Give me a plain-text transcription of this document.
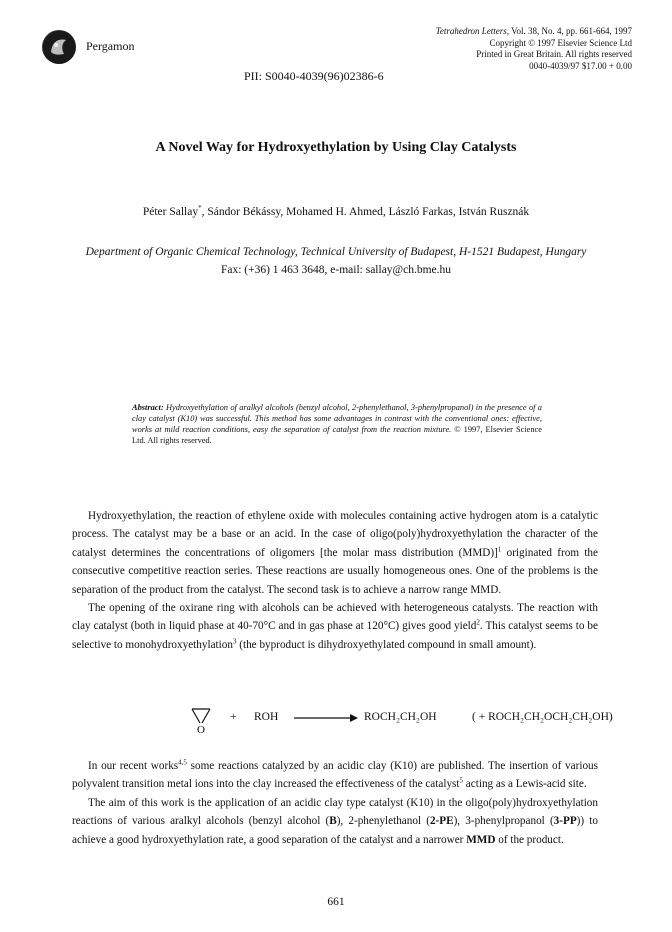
Pergamon
PII: S0040-4039(96)02386-6
Tetrahedron Letters, Vol. 38, No. 4, pp. 661-664, 1997
Copyright © 1997 Elsevier Science Ltd
Printed in Great Britain. All rights reserved
0040-4039/97 $17.00 + 0.00
A Novel Way for Hydroxyethylation by Using Clay Catalysts
Péter Sallay*, Sándor Békássy, Mohamed H. Ahmed, László Farkas, István Rusznák
Department of Organic Chemical Technology, Technical University of Budapest, H-1521 Budapest, Hungary
Fax: (+36) 1 463 3648, e-mail: sallay@ch.bme.hu
Abstract: Hydroxyethylation of aralkyl alcohols (benzyl alcohol, 2-phenylethanol, 3-phenylpropanol) in the presence of a clay catalyst (K10) was successful. This method has some advantages in contrast with the conventional ones: effective, works at mild reaction conditions, easy the separation of catalyst from the reaction mixture. © 1997, Elsevier Science Ltd. All rights reserved.

Hydroxyethylation, the reaction of ethylene oxide with molecules containing active hydrogen atom is a catalytic process. The catalyst may be a base or an acid. In the case of oligo(poly)hydroxyethylation the character of the catalyst determines the concentrations of oligomers [the molar mass distribution (MMD)]$^1$ originated from the consecutive competitive reaction series. These reactions are usually homogeneous ones. One of the problems is the separation of the product from the catalyst. The second task is to achieve a narrow range MMD.

The opening of the oxirane ring with alcohols can be achieved with heterogeneous catalysts. The reaction with clay catalyst (both in liquid phase at 40-70°C and in gas phase at 120°C) gives good yield$^2$. This catalyst seems to be selective to monohydroxyethylation$^3$ (the byproduct is dihydroxyethylated compound in small amount).

O
+ ROH	ROCH₂CH₂OH	( + ROCH₂CH₂OCH₂CH₂OH)

In our recent works$^{4,5}$ some reactions catalyzed by an acidic clay (K10) are published. The insertion of various polyvalent transition metal ions into the clay increased the effectiveness of the catalyst$^5$ acting as a Lewis-acid site.

The aim of this work is the application of an acidic clay type catalyst (K10) in the oligo(poly)hydroxyethylation reactions of various aralkyl alcohols (benzyl alcohol (B), 2-phenylethanol (2-PE), 3-phenylpropanol (3-PP)) to achieve a good hydroxyethylation rate, a good separation of the catalyst and a narrower MMD of the product.

661
